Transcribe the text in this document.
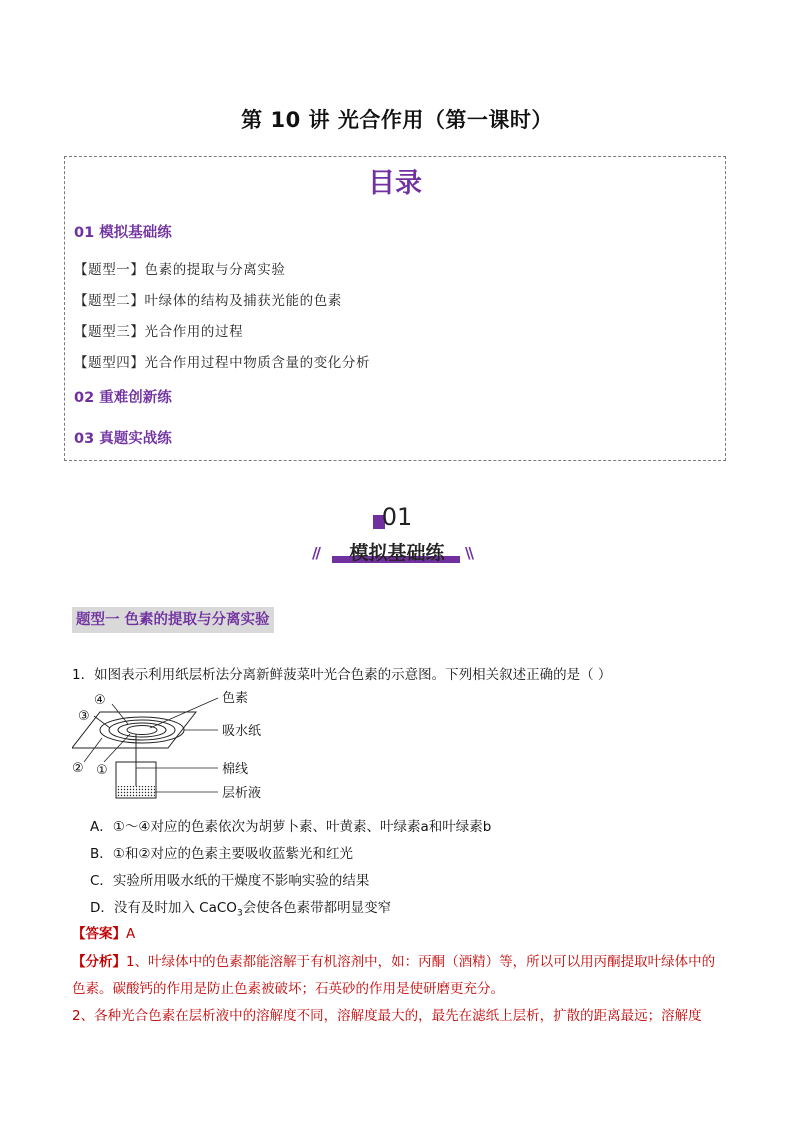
第 10 讲 光合作用（第一课时）
目录
01 模拟基础练
【题型一】色素的提取与分离实验
【题型二】叶绿体的结构及捕获光能的色素
【题型三】光合作用的过程
【题型四】光合作用过程中物质含量的变化分析
02 重难创新练
03 真题实战练
01
//	模拟基础练	\\
题型一 色素的提取与分离实验
1．如图表示利用纸层析法分离新鲜菠菜叶光合色素的示意图。下列相关叙述正确的是（ ）
色素
吸水纸
棉线
层析液
④
③
② ①
A．①～④对应的色素依次为胡萝卜素、叶黄素、叶绿素a和叶绿素b
B．①和②对应的色素主要吸收蓝紫光和红光
C．实验所用吸水纸的干燥度不影响实验的结果
D．没有及时加入 CaCO$_3$会使各色素带都明显变窄
【答案】A
【分析】1、叶绿体中的色素都能溶解于有机溶剂中，如：丙酮（酒精）等，所以可以用丙酮提取叶绿体中的色素。碳酸钙的作用是防止色素被破坏；石英砂的作用是使研磨更充分。
2、各种光合色素在层析液中的溶解度不同，溶解度最大的，最先在滤纸上层析，扩散的距离最远；溶解度
